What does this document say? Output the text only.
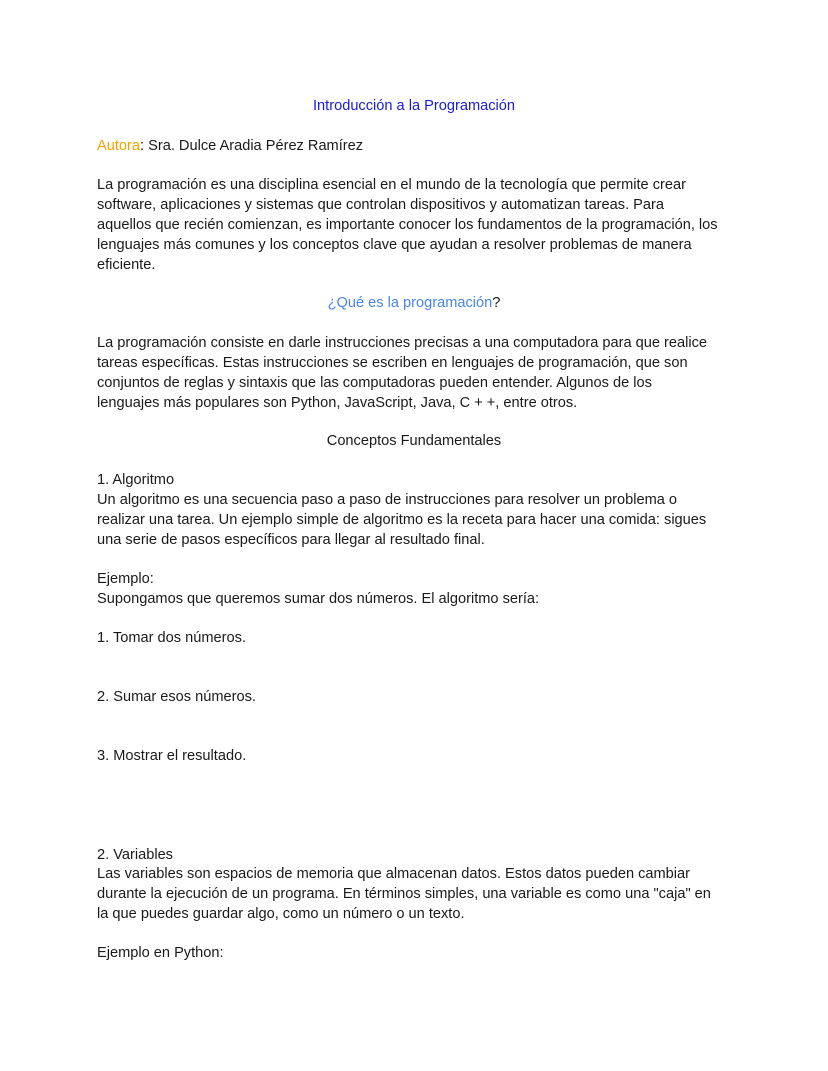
Introducción a la Programación
Autora: Sra. Dulce Aradia Pérez Ramírez
La programación es una disciplina esencial en el mundo de la tecnología que permite crear
software, aplicaciones y sistemas que controlan dispositivos y automatizan tareas. Para
aquellos que recién comienzan, es importante conocer los fundamentos de la programación, los
lenguajes más comunes y los conceptos clave que ayudan a resolver problemas de manera
eficiente.
¿Qué es la programación?
La programación consiste en darle instrucciones precisas a una computadora para que realice
tareas específicas. Estas instrucciones se escriben en lenguajes de programación, que son
conjuntos de reglas y sintaxis que las computadoras pueden entender. Algunos de los
lenguajes más populares son Python, JavaScript, Java, C + +, entre otros.
Conceptos Fundamentales
1. Algoritmo
Un algoritmo es una secuencia paso a paso de instrucciones para resolver un problema o
realizar una tarea. Un ejemplo simple de algoritmo es la receta para hacer una comida: sigues
una serie de pasos específicos para llegar al resultado final.
Ejemplo:
Supongamos que queremos sumar dos números. El algoritmo sería:
1. Tomar dos números.
2. Sumar esos números.
3. Mostrar el resultado.
2. Variables
Las variables son espacios de memoria que almacenan datos. Estos datos pueden cambiar
durante la ejecución de un programa. En términos simples, una variable es como una "caja" en
la que puedes guardar algo, como un número o un texto.
Ejemplo en Python:
